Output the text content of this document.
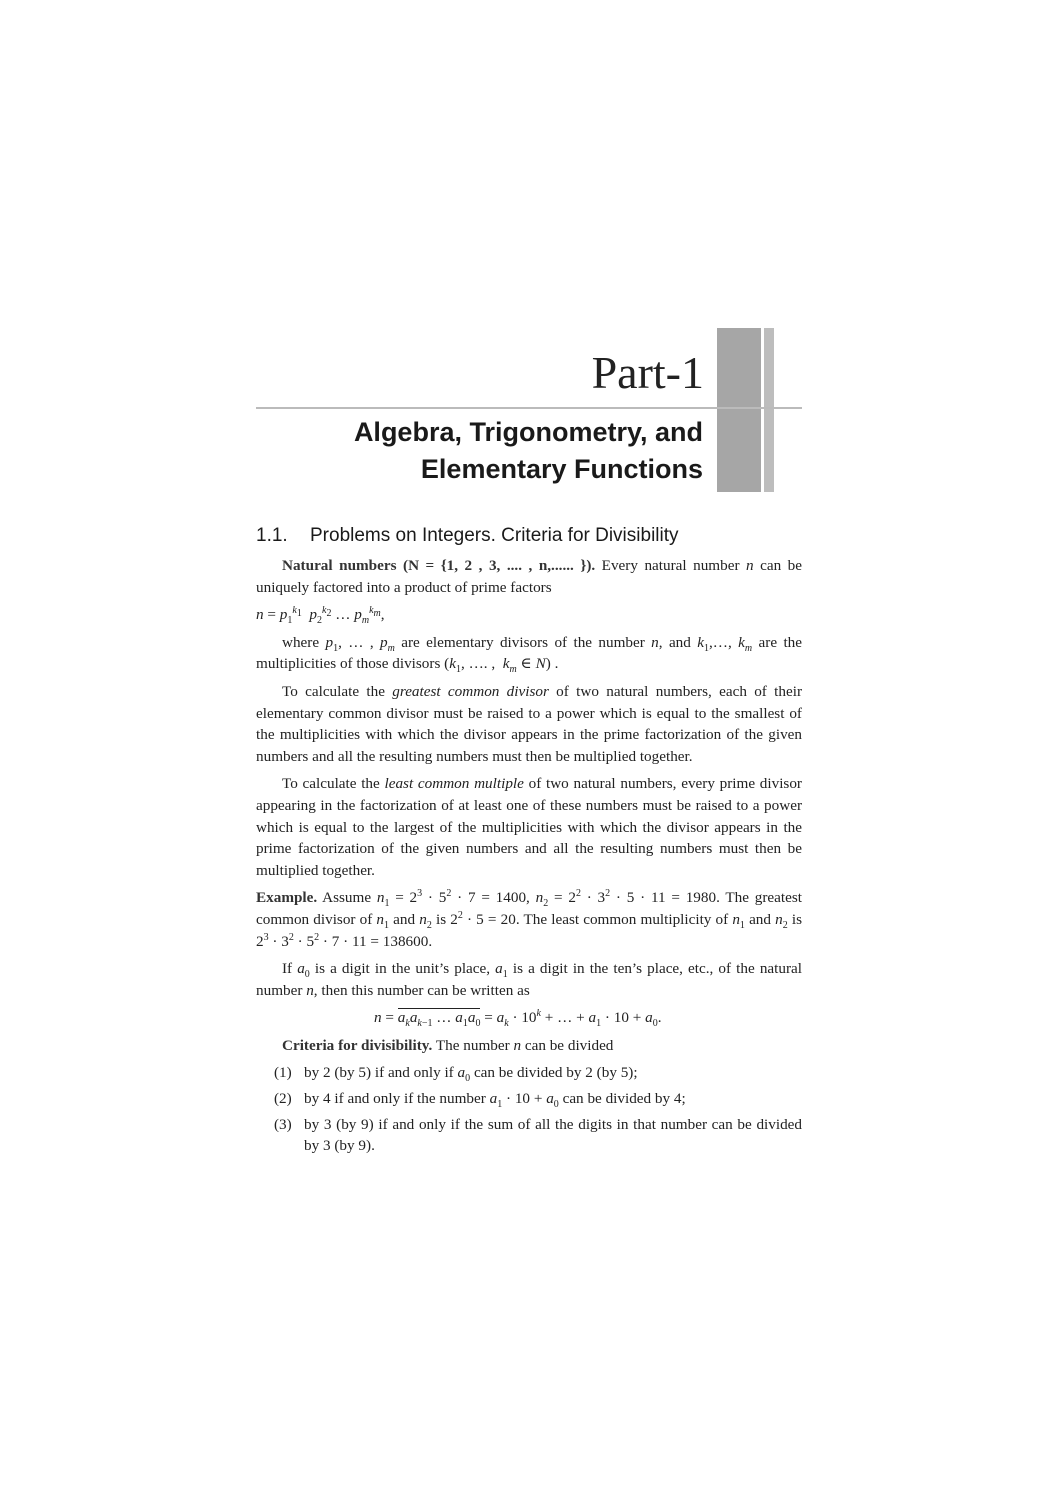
Part-1
Algebra, Trigonometry, and
Elementary Functions
1.1. Problems on Integers. Criteria for Divisibility

Natural numbers (N = {1, 2 , 3, .... , n,...... }). Every natural number n can be uniquely factored into a product of prime factors

$n = p_1^{k_1}$ $p_2^{k_2}$ … $p_m^{k_m}$,

where $p_1$, … , $p_m$ are elementary divisors of the number n, and $k_1,\dots$, $k_m$ are the multiplicities of those divisors ($k_1$, …. ,  $k_m$ ∈ N) .

To calculate the greatest common divisor of two natural numbers, each of their elementary common divisor must be raised to a power which is equal to the smallest of the multiplicities with which the divisor appears in the prime factorization of the given numbers and all the resulting numbers must then be multiplied together.

To calculate the least common multiple of two natural numbers, every prime divisor appearing in the factorization of at least one of these numbers must be raised to a power which is equal to the largest of the multiplicities with which the divisor appears in the prime factorization of the given numbers and all the resulting numbers must then be multiplied together.

Example. Assume $n_1 = 2^3 \cdot 5^2 \cdot 7 = 1400$, $n_2 = 2^2 \cdot 3^2 \cdot 5 \cdot 11 = 1980$. The greatest common divisor of $n_1$ and $n_2$ is $2^2 \cdot 5 = 20$. The least common multiplicity of $n_1$ and $n_2$ is $2^3 \cdot 3^2 \cdot 5^2 \cdot 7 \cdot 11 = 138600$.

If $a_0$ is a digit in the unit’s place, $a_1$ is a digit in the ten’s place, etc., of the natural number n, then this number can be written as

$n = a_ka_{k-1}$ … $a_1a_0 = a_k \cdot 10^k$ + … + $a_1 \cdot 10 + a_0$.

Criteria for divisibility. The number n can be divided

(1) by 2 (by 5) if and only if $a_0$ can be divided by 2 (by 5);
(2) by 4 if and only if the number $a_1 \cdot 10 + a_0$ can be divided by 4;
(3) by 3 (by 9) if and only if the sum of all the digits in that number can be divided by 3 (by 9).
